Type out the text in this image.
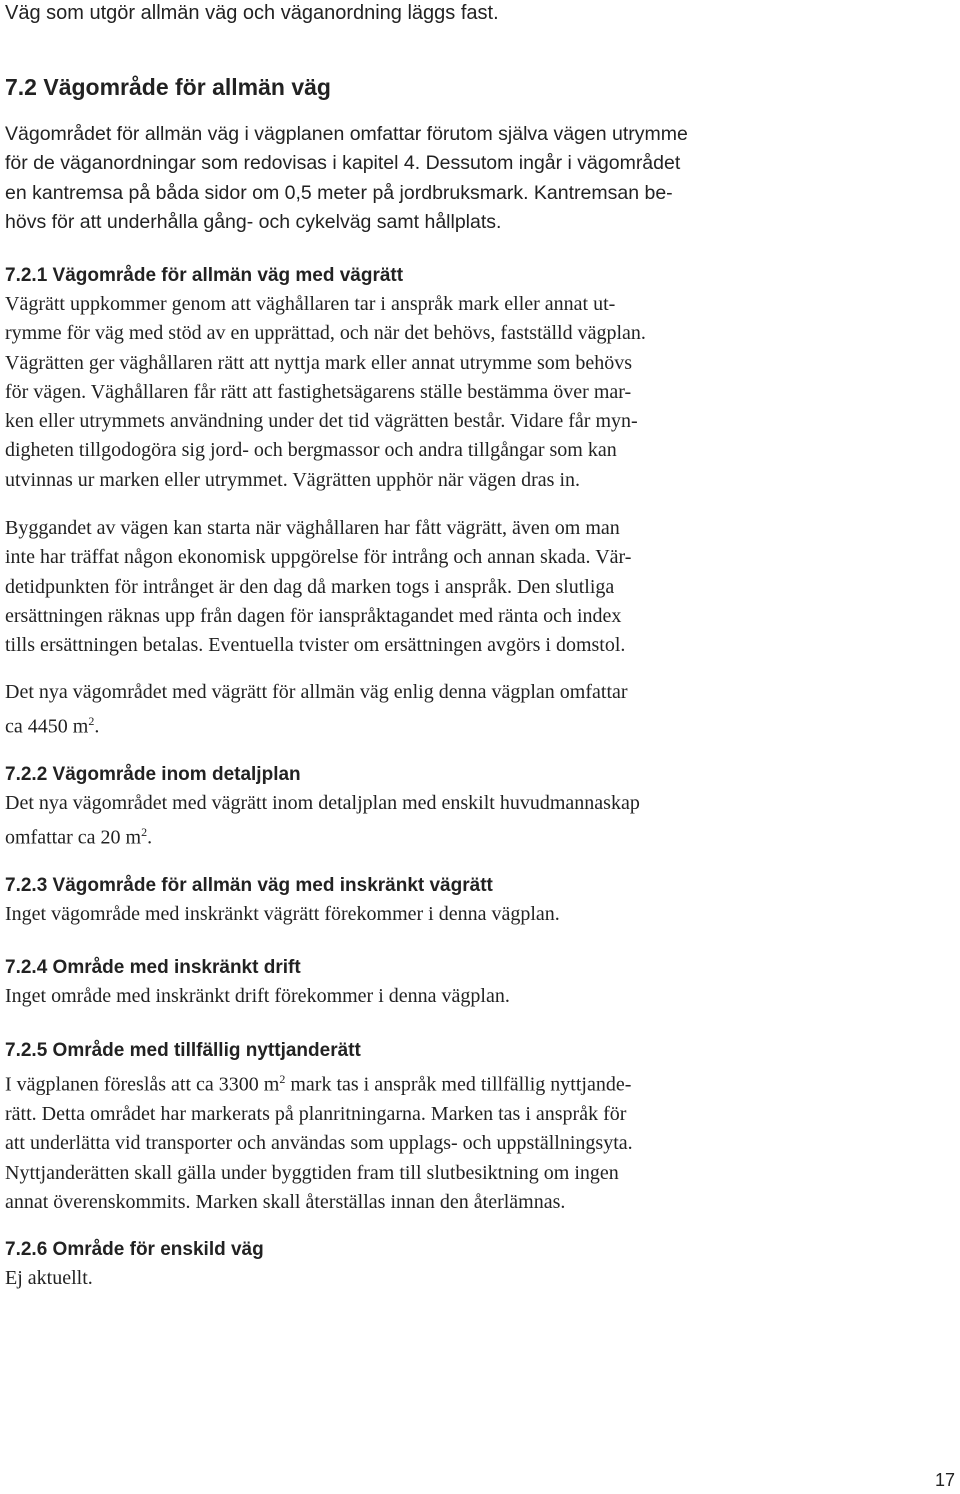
Väg som utgör allmän väg och väganordning läggs fast.

7.2 Vägområde för allmän väg
Vägområdet för allmän väg i vägplanen omfattar förutom själva vägen utrymme
för de väganordningar som redovisas i kapitel 4. Dessutom ingår i vägområdet
en kantremsa på båda sidor om 0,5 meter på jordbruksmark. Kantremsan be-
hövs för att underhålla gång- och cykelväg samt hållplats.
7.2.1 Vägområde för allmän väg med vägrätt
Vägrätt uppkommer genom att väghållaren tar i anspråk mark eller annat ut-
rymme för väg med stöd av en upprättad, och när det behövs, fastställd vägplan.
Vägrätten ger väghållaren rätt att nyttja mark eller annat utrymme som behövs
för vägen. Väghållaren får rätt att fastighetsägarens ställe bestämma över mar-
ken eller utrymmets användning under det tid vägrätten består. Vidare får myn-
digheten tillgodogöra sig jord- och bergmassor och andra tillgångar som kan
utvinnas ur marken eller utrymmet. Vägrätten upphör när vägen dras in.
Byggandet av vägen kan starta när väghållaren har fått vägrätt, även om man
inte har träffat någon ekonomisk uppgörelse för intrång och annan skada. Vär-
detidpunkten för intrånget är den dag då marken togs i anspråk. Den slutliga
ersättningen räknas upp från dagen för ianspråktagandet med ränta och index
tills ersättningen betalas. Eventuella tvister om ersättningen avgörs i domstol.
Det nya vägområdet med vägrätt för allmän väg enlig denna vägplan omfattar
ca 4450 $m^2$.
7.2.2 Vägområde inom detaljplan
Det nya vägområdet med vägrätt inom detaljplan med enskilt huvudmannaskap
omfattar ca 20 $m^2$.
7.2.3 Vägområde för allmän väg med inskränkt vägrätt
Inget vägområde med inskränkt vägrätt förekommer i denna vägplan.
7.2.4 Område med inskränkt drift
Inget område med inskränkt drift förekommer i denna vägplan.
7.2.5 Område med tillfällig nyttjanderätt
I vägplanen föreslås att ca 3300 $m^2$ mark tas i anspråk med tillfällig nyttjande-
rätt. Detta området har markerats på planritningarna. Marken tas i anspråk för
att underlätta vid transporter och användas som upplags- och uppställningsyta.
Nyttjanderätten skall gälla under byggtiden fram till slutbesiktning om ingen
annat överenskommits. Marken skall återställas innan den återlämnas.
7.2.6 Område för enskild väg
Ej aktuellt.
17
